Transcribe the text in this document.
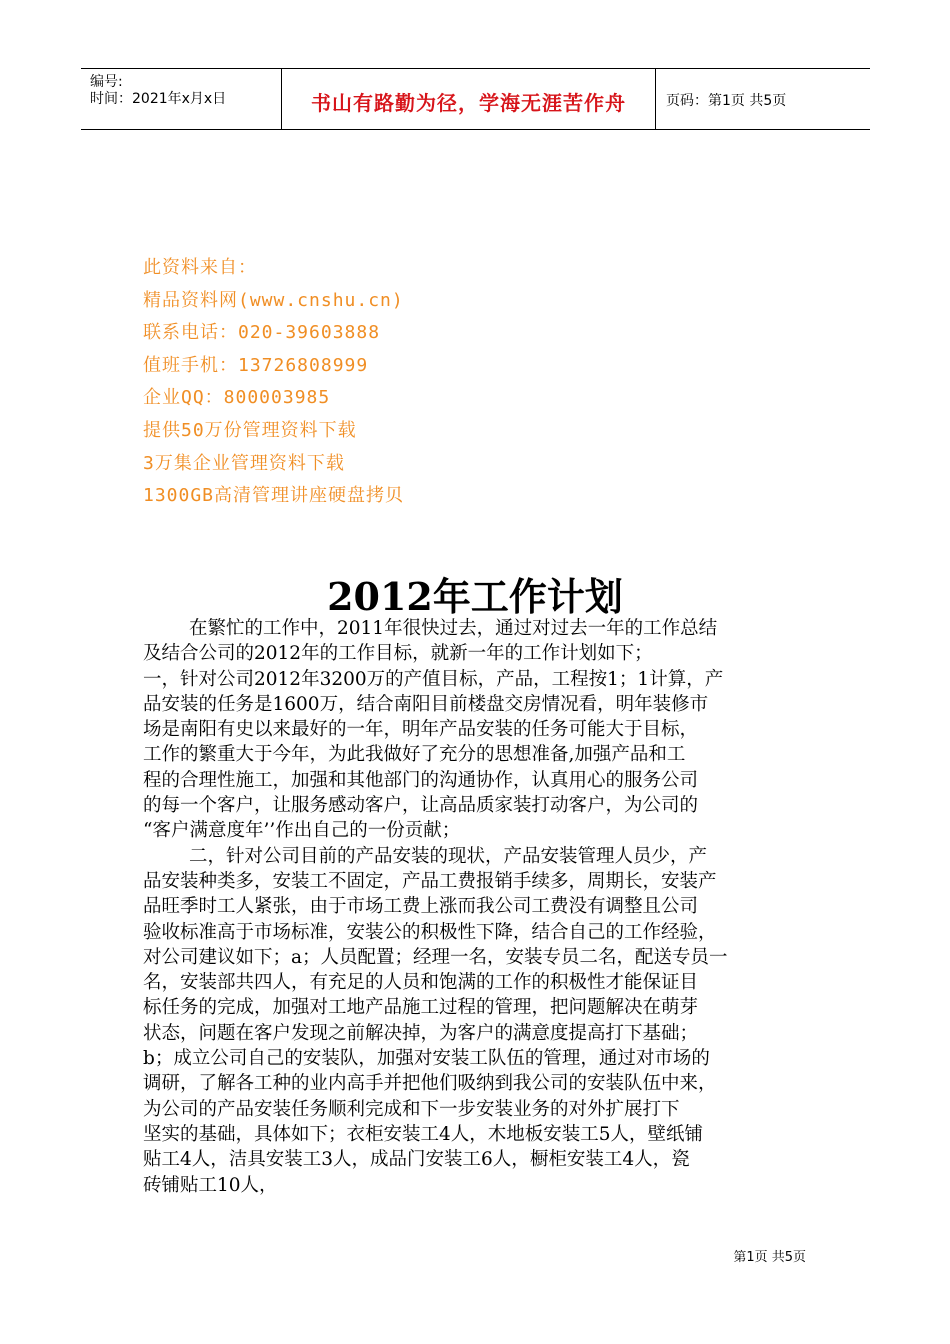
编号:
时间：2021年x月x日	书山有路勤为径，学海无涯苦作舟	页码：第1页 共5页
此资料来自：
精品资料网(www.cnshu.cn)
联系电话：020-39603888
值班手机：13726808999
企业QQ：800003985
提供50万份管理资料下载
3万集企业管理资料下载
1300GB高清管理讲座硬盘拷贝
2012年工作计划
在繁忙的工作中，2011年很快过去，通过对过去一年的工作总结
及结合公司的2012年的工作目标，就新一年的工作计划如下；
一，针对公司2012年3200万的产值目标，产品，工程按1；1计算，产
品安装的任务是1600万，结合南阳目前楼盘交房情况看，明年装修市
场是南阳有史以来最好的一年，明年产品安装的任务可能大于目标，
工作的繁重大于今年，为此我做好了充分的思想准备,加强产品和工
程的合理性施工，加强和其他部门的沟通协作，认真用心的服务公司
的每一个客户，让服务感动客户，让高品质家装打动客户，为公司的
“客户满意度年’’作出自己的一份贡献；
二，针对公司目前的产品安装的现状，产品安装管理人员少，产
品安装种类多，安装工不固定，产品工费报销手续多，周期长，安装产
品旺季时工人紧张，由于市场工费上涨而我公司工费没有调整且公司
验收标准高于市场标准，安装公的积极性下降，结合自己的工作经验，
对公司建议如下；a；人员配置；经理一名，安装专员二名，配送专员一
名，安装部共四人，有充足的人员和饱满的工作的积极性才能保证目
标任务的完成，加强对工地产品施工过程的管理，把问题解决在萌芽
状态，问题在客户发现之前解决掉，为客户的满意度提高打下基础；
b；成立公司自己的安装队，加强对安装工队伍的管理，通过对市场的
调研，了解各工种的业内高手并把他们吸纳到我公司的安装队伍中来，
为公司的产品安装任务顺利完成和下一步安装业务的对外扩展打下
坚实的基础，具体如下；衣柜安装工4人，木地板安装工5人，壁纸铺
贴工4人，洁具安装工3人，成品门安装工6人，橱柜安装工4人，瓷
砖铺贴工10人，
第1页 共5页
